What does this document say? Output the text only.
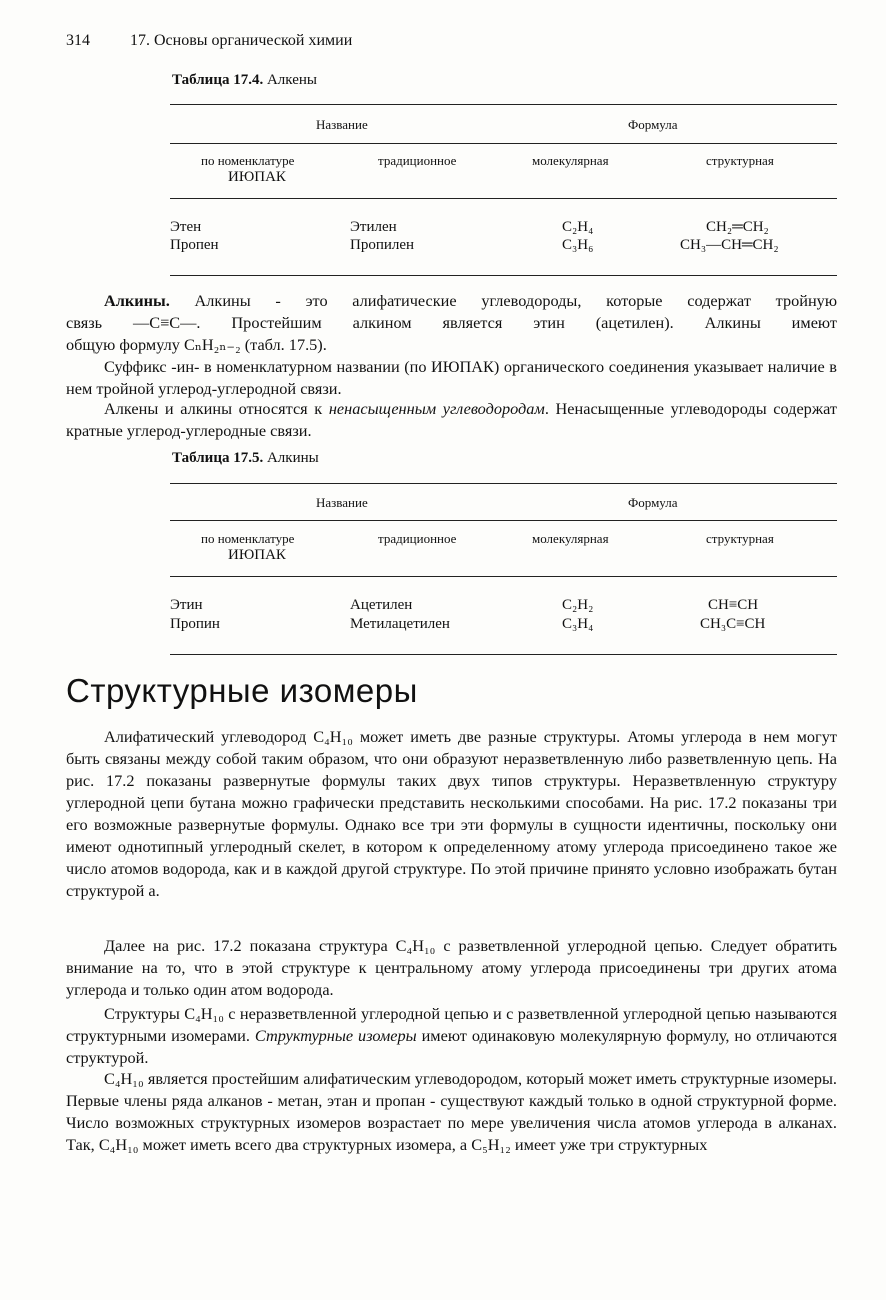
314	17. Основы органической химии
Таблица 17.4. Алкены
Название	Формула
по номенклатуре
ИЮПАК
традиционное	молекулярная	структурная
Этен	Этилен	C₂H₄	CH₂═CH₂
Пропен	Пропилен	C₃H₆	CH₃—CH═CH₂
Алкины. Алкины - это алифатические углеводороды, которые содержат тройную
связь —C≡C—. Простейшим алкином является этин (ацетилен). Алкины имеют
общую формулу CₙH₂ₙ₋₂ (табл. 17.5).

Суффикс -ин- в номенклатурном названии (по ИЮПАК) органического соединения указывает наличие в нем тройной углерод-углеродной связи.

Алкены и алкины относятся к ненасыщенным углеводородам. Ненасыщенные углеводороды содержат кратные углерод-углеродные связи.

Таблица 17.5. Алкины
Название	Формула
по номенклатуре
ИЮПАК
традиционное	молекулярная	структурная
Этин	Ацетилен	C₂H₂	CH≡CH
Пропин	Метилацетилен	C₃H₄	CH₃C≡CH
Структурные изомеры

Алифатический углеводород C₄H₁₀ может иметь две разные структуры. Атомы углерода в нем могут быть связаны между собой таким образом, что они образуют неразветвленную либо разветвленную цепь. На рис. 17.2 показаны развернутые формулы таких двух типов структуры. Неразветвленную структуру углеродной цепи бутана можно графически представить несколькими способами. На рис. 17.2 показаны три его возможные развернутые формулы. Однако все три эти формулы в сущности идентичны, поскольку они имеют однотипный углеродный скелет, в котором к определенному атому углерода присоединено такое же число атомов водорода, как и в каждой другой структуре. По этой причине принято условно изображать бутан структурой а.

Далее на рис. 17.2 показана структура C₄H₁₀ с разветвленной углеродной цепью. Следует обратить внимание на то, что в этой структуре к центральному атому углерода присоединены три других атома углерода и только один атом водорода.

Структуры C₄H₁₀ с неразветвленной углеродной цепью и с разветвленной углеродной цепью называются структурными изомерами. Структурные изомеры имеют одинаковую молекулярную формулу, но отличаются структурой.

C₄H₁₀ является простейшим алифатическим углеводородом, который может иметь структурные изомеры. Первые члены ряда алканов - метан, этан и пропан - существуют каждый только в одной структурной форме. Число возможных структурных изомеров возрастает по мере увеличения числа атомов углерода в алканах. Так, C₄H₁₀ может иметь всего два структурных изомера, а C₅H₁₂ имеет уже три структурных
